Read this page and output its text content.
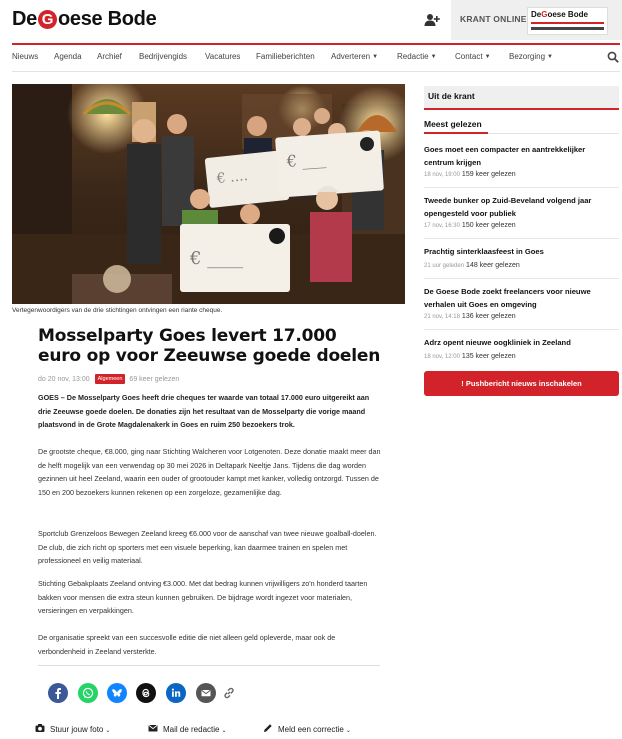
De G oese Bode	KRANT ONLINE DeGoese Bode
Nieuws Agenda Archief Bedrijvengids Vacatures Familieberichten Adverteren ▼ Redactie ▼ Contact ▼ Bezorging ▼
€ ....
€ ___
€ ____
Vertegenwoordigers van de drie stichtingen ontvingen een riante cheque.
Mosselparty Goes levert 17.000 euro op voor Zeeuwse goede doelen
do 20 nov, 13:00 Algemeen 69 keer gelezen
GOES – De Mosselparty Goes heeft drie cheques ter waarde van totaal 17.000 euro uitgereikt aan drie Zeeuwse goede doelen. De donaties zijn het resultaat van de Mosselparty die vorige maand plaatsvond in de Grote Magdalenakerk in Goes en ruim 250 bezoekers trok.
De grootste cheque, €8.000, ging naar Stichting Walcheren voor Lotgenoten. Deze donatie maakt meer dan de helft mogelijk van een verwendag op 30 mei 2026 in Deltapark Neeltje Jans. Tijdens die dag worden gezinnen uit heel Zeeland, waarin een ouder of grootouder kampt met kanker, volledig ontzorgd. Tussen de 150 en 200 bezoekers kunnen rekenen op een zorgeloze, gezamenlijke dag.
Sportclub Grenzeloos Bewegen Zeeland kreeg €6.000 voor de aanschaf van twee nieuwe goalball-doelen. De club, die zich richt op sporters met een visuele beperking, kan daarmee trainen en spelen met professioneel en veilig materiaal.
Stichting Gebakplaats Zeeland ontving €3.000. Met dat bedrag kunnen vrijwilligers zo'n honderd taarten bakken voor mensen die extra steun kunnen gebruiken. De bijdrage wordt ingezet voor materialen, versieringen en verpakkingen.
De organisatie spreekt van een succesvolle editie die niet alleen geld opleverde, maar ook de verbondenheid in Zeeland versterkte.
Stuur jouw foto ⌄	Mail de redactie ⌄	Meld een correctie ⌄
Uit de krant
Meest gelezen
Goes moet een compacter en aantrekkelijker centrum krijgen
18 nov, 19:00 159 keer gelezen
Tweede bunker op Zuid-Beveland volgend jaar opengesteld voor publiek
17 nov, 16:30 150 keer gelezen
Prachtig sinterklaasfeest in Goes
21 uur geleden 148 keer gelezen
De Goese Bode zoekt freelancers voor nieuwe verhalen uit Goes en omgeving
21 nov, 14:18 136 keer gelezen
Adrz opent nieuwe oogkliniek in Zeeland
18 nov, 12:00 135 keer gelezen
! Pushbericht nieuws inschakelen
